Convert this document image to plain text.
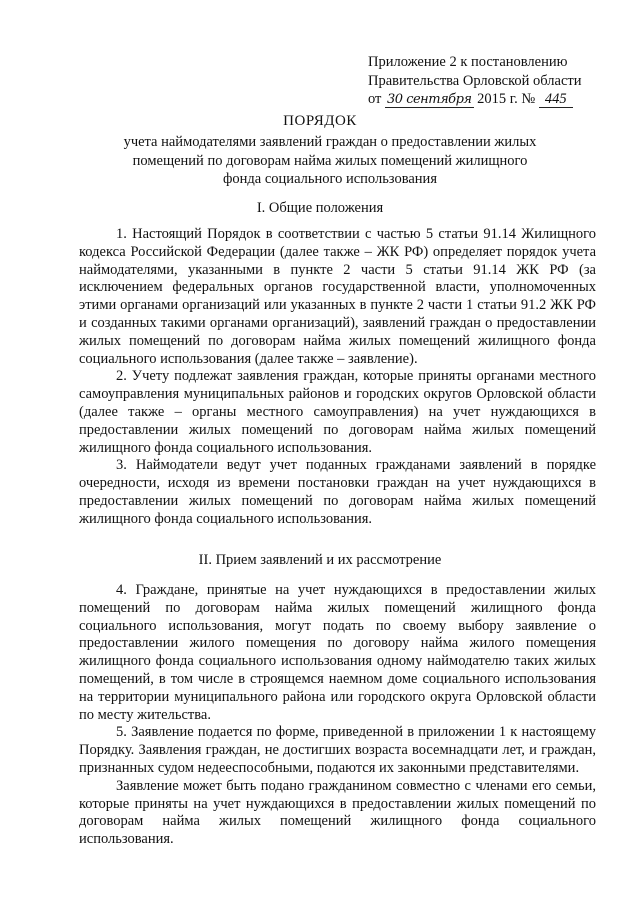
Приложение 2 к постановлению
Правительства Орловской области
от 30 сентября 2015 г. № 445
ПОРЯДОК
учета наймодателями заявлений граждан о предоставлении жилых помещений по договорам найма жилых помещений жилищного фонда социального использования
I. Общие положения

1. Настоящий Порядок в соответствии с частью 5 статьи 91.14 Жилищного кодекса Российской Федерации (далее также – ЖК РФ) определяет порядок учета наймодателями, указанными в пункте 2 части 5 статьи 91.14 ЖК РФ (за исключением федеральных органов государственной власти, уполномоченных этими органами организаций или указанных в пункте 2 части 1 статьи 91.2 ЖК РФ и созданных такими органами организаций), заявлений граждан о предоставлении жилых помещений по договорам найма жилых помещений жилищного фонда социального использования (далее также – заявление).

2. Учету подлежат заявления граждан, которые приняты органами местного самоуправления муниципальных районов и городских округов Орловской области (далее также – органы местного самоуправления) на учет нуждающихся в предоставлении жилых помещений по договорам найма жилых помещений жилищного фонда социального использования.

3. Наймодатели ведут учет поданных гражданами заявлений в порядке очередности, исходя из времени постановки граждан на учет нуждающихся в предоставлении жилых помещений по договорам найма жилых помещений жилищного фонда социального использования.

II. Прием заявлений и их рассмотрение

4. Граждане, принятые на учет нуждающихся в предоставлении жилых помещений по договорам найма жилых помещений жилищного фонда социального использования, могут подать по своему выбору заявление о предоставлении жилого помещения по договору найма жилого помещения жилищного фонда социального использования одному наймодателю таких жилых помещений, в том числе в строящемся наемном доме социального использования на территории муниципального района или городского округа Орловской области по месту жительства.

5. Заявление подается по форме, приведенной в приложении 1 к настоящему Порядку. Заявления граждан, не достигших возраста восемнадцати лет, и граждан, признанных судом недееспособными, подаются их законными представителями.

Заявление может быть подано гражданином совместно с членами его семьи, которые приняты на учет нуждающихся в предоставлении жилых помещений по договорам найма жилых помещений жилищного фонда социального использования.
